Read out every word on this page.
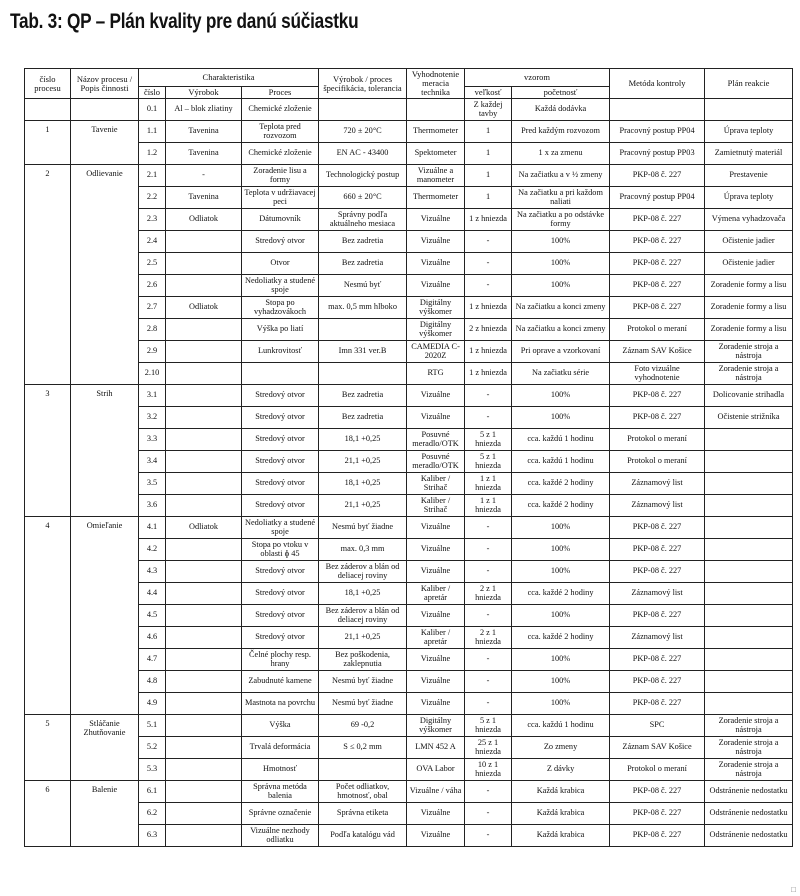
Tab. 3: QP – Plán kvality pre danú súčiastku
číslo procesu	Názov procesu / Popis činnosti	Charakteristika			Výrobok / proces špecifikácia, tolerancia	Vyhodnotenie meracia technika	vzorom		Metóda kontroly	Plán reakcie
		číslo	Výrobok	Proces			veľkosť	početnosť		
		0.1	Al – blok zliatiny	Chemické zloženie			Z každej tavby	Každá dodávka		
1	Tavenie	1.1	Tavenina	Teplota pred rozvozom	720 ± 20°C	Thermometer	1	Pred každým rozvozom	Pracovný postup PP04	Úprava teploty
		1.2	Tavenina	Chemické zloženie	EN AC - 43400	Spektometer	1	1 x za zmenu	Pracovný postup PP03	Zamietnutý materiál
2	Odlievanie	2.1	-	Zoradenie lisu a formy	Technologický postup	Vizuálne a manometer	1	Na začiatku a v ½ zmeny	PKP-08 č. 227	Prestavenie
		2.2	Tavenina	Teplota v udržiavacej peci	660 ± 20°C	Thermometer	1	Na začiatku a pri každom naliati	Pracovný postup PP04	Úprava teploty
		2.3	Odliatok	Dátumovník	Správny podľa aktuálneho mesiaca	Vizuálne	1 z hniezda	Na začiatku a po odstávke formy	PKP-08 č. 227	Výmena vyhadzovača
		2.4		Stredový otvor	Bez zadretia	Vizuálne	-	100%	PKP-08 č. 227	Očistenie jadier
		2.5		Otvor	Bez zadretia	Vizuálne	-	100%	PKP-08 č. 227	Očistenie jadier
		2.6		Nedoliatky a studené spoje	Nesmú byť	Vizuálne	-	100%	PKP-08 č. 227	Zoradenie formy a lisu
		2.7	Odliatok	Stopa po vyhadzovákoch	max. 0,5 mm hlboko	Digitálny výškomer	1 z hniezda	Na začiatku a konci zmeny	PKP-08 č. 227	Zoradenie formy a lisu
		2.8		Výška po liatí		Digitálny výškomer	2 z hniezda	Na začiatku a konci zmeny	Protokol o meraní	Zoradenie formy a lisu
		2.9		Lunkrovitosť	Imn 331 ver.B	CAMEDIA C- 2020Z	1 z hniezda	Pri oprave a vzorkovaní	Záznam SAV Košice	Zoradenie stroja a nástroja
		2.10				RTG	1 z hniezda	Na začiatku série	Foto vizuálne vyhodnotenie	Zoradenie stroja a nástroja
3	Strih	3.1		Stredový otvor	Bez zadretia	Vizuálne	-	100%	PKP-08 č. 227	Dolicovanie strihadla
		3.2		Stredový otvor	Bez zadretia	Vizuálne	-	100%	PKP-08 č. 227	Očistenie strižníka
		3.3		Stredový otvor	18,1 +0,25	Posuvné meradlo/OTK	5 z 1 hniezda	cca. každú 1 hodinu	Protokol o meraní	
		3.4		Stredový otvor	21,1 +0,25	Posuvné meradlo/OTK	5 z 1 hniezda	cca. každú 1 hodinu	Protokol o meraní	
		3.5		Stredový otvor	18,1 +0,25	Kaliber / Strihač	1 z 1 hniezda	cca. každé 2 hodiny	Záznamový list	
		3.6		Stredový otvor	21,1 +0,25	Kaliber / Strihač	1 z 1 hniezda	cca. každé 2 hodiny	Záznamový list	
4	Omieľanie	4.1	Odliatok	Nedoliatky a studené spoje	Nesmú byť žiadne	Vizuálne	-	100%	PKP-08 č. 227	
		4.2		Stopa po vtoku v oblasti ɸ 45	max. 0,3 mm	Vizuálne	-	100%	PKP-08 č. 227	
		4.3		Stredový otvor	Bez záderov a blán od deliacej roviny	Vizuálne	-	100%	PKP-08 č. 227	
		4.4		Stredový otvor	18,1 +0,25	Kaliber / apretár	2 z 1 hniezda	cca. každé 2 hodiny	Záznamový list	
		4.5		Stredový otvor	Bez záderov a blán od deliacej roviny	Vizuálne	-	100%	PKP-08 č. 227	
		4.6		Stredový otvor	21,1 +0,25	Kaliber / apretár	2 z 1 hniezda	cca. každé 2 hodiny	Záznamový list	
		4.7		Čelné plochy resp. hrany	Bez poškodenia, zaklepnutia	Vizuálne	-	100%	PKP-08 č. 227	
		4.8		Zabudnuté kamene	Nesmú byť žiadne	Vizuálne	-	100%	PKP-08 č. 227	
		4.9		Mastnota na povrchu	Nesmú byť žiadne	Vizuálne	-	100%	PKP-08 č. 227	
5	Stláčanie Zhutňovanie	5.1		Výška	69 -0,2	Digitálny výškomer	5 z 1 hniezda	cca. každú 1 hodinu	SPC	Zoradenie stroja a nástroja
		5.2		Trvalá deformácia	S ≤ 0,2 mm	LMN 452 A	25 z 1 hniezda	Zo zmeny	Záznam SAV Košice	Zoradenie stroja a nástroja
		5.3		Hmotnosť		OVA Labor	10 z 1 hniezda	Z dávky	Protokol o meraní	Zoradenie stroja a nástroja
6	Balenie	6.1		Správna metóda balenia	Počet odliatkov, hmotnosť, obal	Vizuálne / váha	-	Každá krabica	PKP-08 č. 227	Odstránenie nedostatku
		6.2		Správne označenie	Správna etiketa	Vizuálne	-	Každá krabica	PKP-08 č. 227	Odstránenie nedostatku
		6.3		Vizuálne nezhody odliatku	Podľa katalógu vád	Vizuálne	-	Každá krabica	PKP-08 č. 227	Odstránenie nedostatku
□
